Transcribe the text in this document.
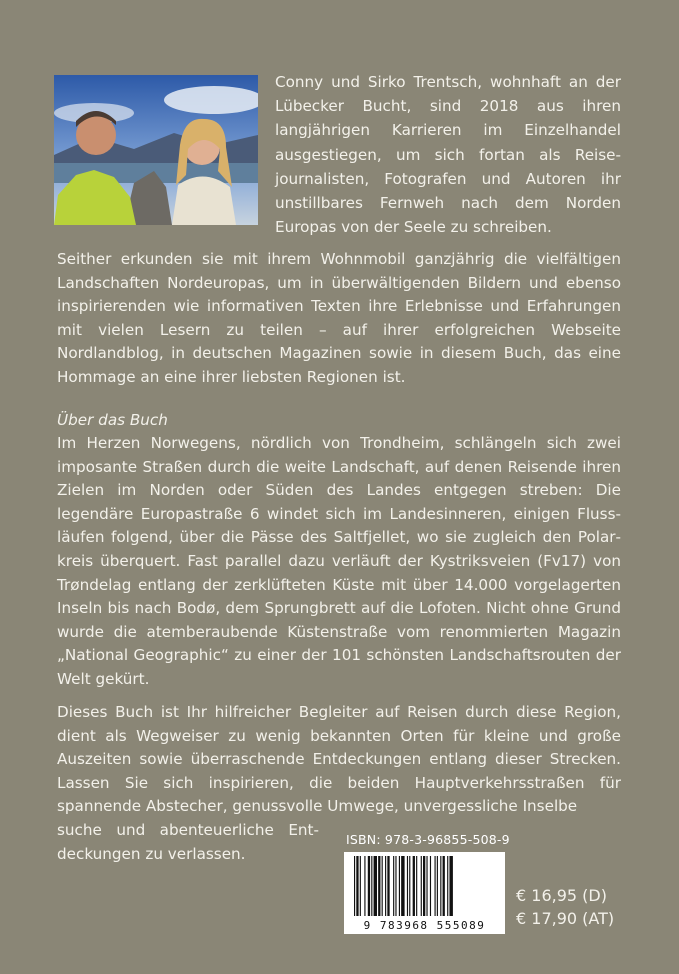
Conny und Sirko Trentsch, wohnhaft an der Lübecker Bucht, sind 2018 aus ihren langjährigen Karrieren im Einzelhandel ausgestiegen, um sich fortan als Reisejournalisten, Fotografen und Autoren ihr unstillbares Fernweh nach dem Norden Europas von der Seele zu schreiben.

Seither erkunden sie mit ihrem Wohnmobil ganzjährig die vielfältigen Landschaften Nordeuropas, um in überwältigenden Bildern und ebenso inspirierenden wie informativen Texten ihre Erlebnisse und Erfahrungen mit vielen Lesern zu teilen – auf ihrer erfolgreichen Webseite Nordlandblog, in deutschen Magazinen sowie in diesem Buch, das eine Hommage an eine ihrer liebsten Regionen ist.

Über das Buch

Im Herzen Norwegens, nördlich von Trondheim, schlängeln sich zwei imposante Straßen durch die weite Landschaft, auf denen Reisende ihren Zielen im Norden oder Süden des Landes entgegen streben: Die legendäre Europastraße 6 windet sich im Landesinneren, einigen Flussläufen folgend, über die Pässe des Saltfjellet, wo sie zugleich den Polarkreis überquert. Fast parallel dazu verläuft der Kystriksveien (Fv17) von Trøndelag entlang der zerklüfteten Küste mit über 14.000 vorgelagerten Inseln bis nach Bodø, dem Sprungbrett auf die Lofoten. Nicht ohne Grund wurde die atemberaubende Küstenstraße vom renommierten Magazin „National Geographic“ zu einer der 101 schönsten Landschaftsrouten der Welt gekürt.

Dieses Buch ist Ihr hilfreicher Begleiter auf Reisen durch diese Region, dient als Wegweiser zu wenig bekannten Orten für kleine und große Auszeiten sowie überraschende Entdeckungen entlang dieser Strecken. Lassen Sie sich inspirieren, die beiden Hauptverkehrsstraßen für spannende Abstecher, genussvolle Umwege, unvergessliche Inselbe

suche und abenteuerliche Entdeckungen zu verlassen.

ISBN: 978-3-96855-508-9
9 783968 555089
€ 16,95 (D)
€ 17,90 (AT)
